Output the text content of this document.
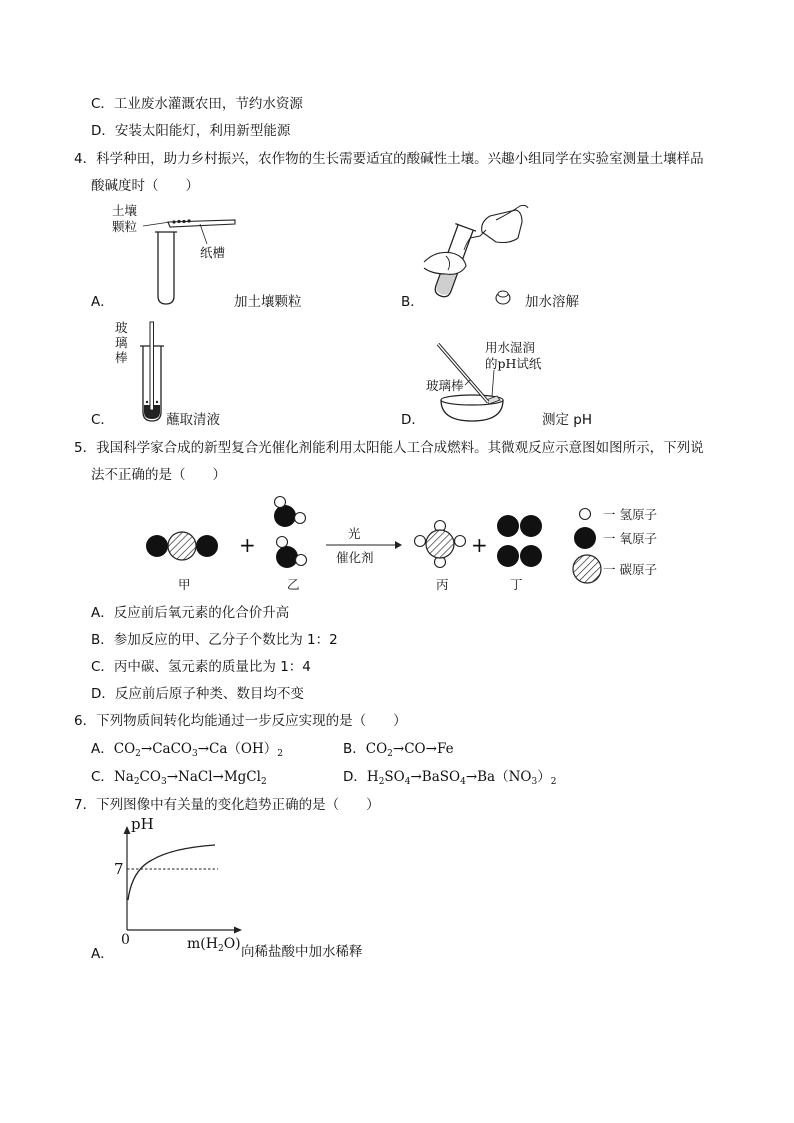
C．工业废水灌溉农田，节约水资源
D．安装太阳能灯，利用新型能源
4．科学种田，助力乡村振兴，农作物的生长需要适宜的酸碱性土壤。兴趣小组同学在实验室测量土壤样品
酸碱度时（　　）
土壤
颗粒
纸槽
A．	加土壤颗粒	B．	加水溶解
玻
璃
棒
C．	蘸取清液
用水湿润
的pH试纸
玻璃棒
D．	测定 pH
5．我国科学家合成的新型复合光催化剂能利用太阳能人工合成燃料。其微观反应示意图如图所示，下列说
法不正确的是（　　）
+	+
光
催化剂
甲	乙	丙	丁
一 氢原子
一 氧原子
一 碳原子
A．反应前后氧元素的化合价升高
B．参加反应的甲、乙分子个数比为 1：2
C．丙中碳、氢元素的质量比为 1：4
D．反应前后原子种类、数目均不变
6．下列物质间转化均能通过一步反应实现的是（　　）
A．$CO_2\to CaCO_3\to Ca(OH)_2$	B．$CO_2\to CO\to Fe$
C．$Na_2CO_3\to NaCl\to MgCl_2$	D．$H_2SO_4\to BaSO_4\to Ba(NO_3)_2$
7．下列图像中有关量的变化趋势正确的是（　　）
pH
7
0	$m(H_2O)$
A．	向稀盐酸中加水稀释
